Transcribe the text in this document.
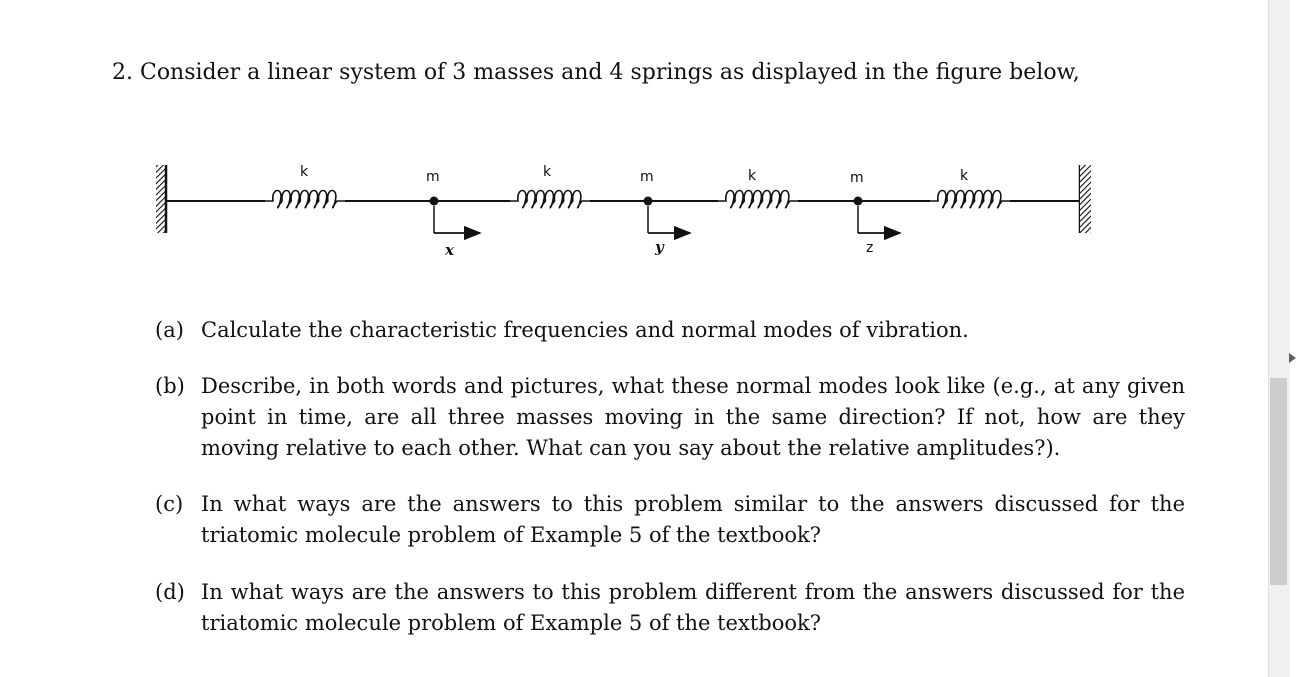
2. Consider a linear system of 3 masses and 4 springs as displayed in the figure below,
k	k	k	k
m	m	m
x	y	z
(a) Calculate the characteristic frequencies and normal modes of vibration.
(b) Describe, in both words and pictures, what these normal modes look like (e.g., at any given point in time, are all three masses moving in the same direction? If not, how are they moving relative to each other. What can you say about the relative amplitudes?).
(c) In what ways are the answers to this problem similar to the answers discussed for the triatomic molecule problem of Example 5 of the textbook?
(d) In what ways are the answers to this problem different from the answers discussed for the triatomic molecule problem of Example 5 of the textbook?
